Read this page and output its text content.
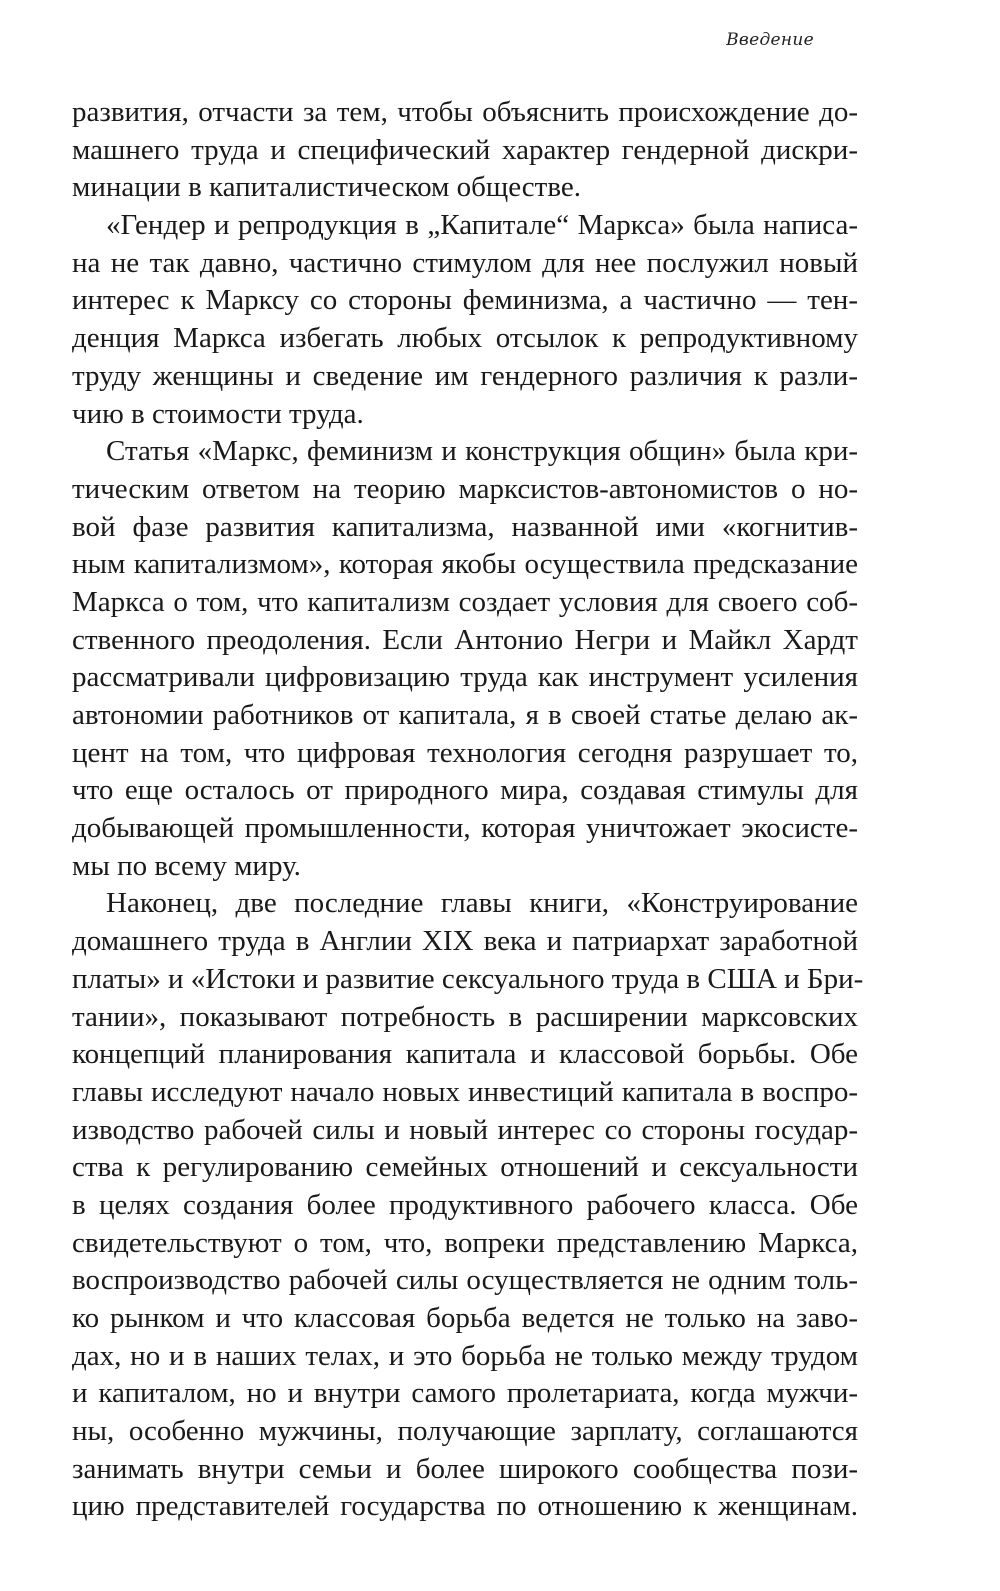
Введение
развития, отчасти за тем, чтобы объяснить происхождение до-
машнего труда и специфический характер гендерной дискри-
минации в капиталистическом обществе.
«Гендер и репродукция в „Капитале“ Маркса» была написа-
на не так давно, частично стимулом для нее послужил новый
интерес к Марксу со стороны феминизма, а частично — тен-
денция Маркса избегать любых отсылок к репродуктивному
труду женщины и сведение им гендерного различия к разли-
чию в стоимости труда.
Статья «Маркс, феминизм и конструкция общин» была кри-
тическим ответом на теорию марксистов-автономистов о но-
вой фазе развития капитализма, названной ими «когнитив-
ным капитализмом», которая якобы осуществила предсказание
Маркса о том, что капитализм создает условия для своего соб-
ственного преодоления. Если Антонио Негри и Майкл Хардт
рассматривали цифровизацию труда как инструмент усиления
автономии работников от капитала, я в своей статье делаю ак-
цент на том, что цифровая технология сегодня разрушает то,
что еще осталось от природного мира, создавая стимулы для
добывающей промышленности, которая уничтожает экосисте-
мы по всему миру.
Наконец, две последние главы книги, «Конструирование
домашнего труда в Англии XIX века и патриархат заработной
платы» и «Истоки и развитие сексуального труда в США и Бри-
тании», показывают потребность в расширении марксовских
концепций планирования капитала и классовой борьбы. Обе
главы исследуют начало новых инвестиций капитала в воспро-
изводство рабочей силы и новый интерес со стороны государ-
ства к регулированию семейных отношений и сексуальности
в целях создания более продуктивного рабочего класса. Обе
свидетельствуют о том, что, вопреки представлению Маркса,
воспроизводство рабочей силы осуществляется не одним толь-
ко рынком и что классовая борьба ведется не только на заво-
дах, но и в наших телах, и это борьба не только между трудом
и капиталом, но и внутри самого пролетариата, когда мужчи-
ны, особенно мужчины, получающие зарплату, соглашаются
занимать внутри семьи и более широкого сообщества пози-
цию представителей государства по отношению к женщинам.
